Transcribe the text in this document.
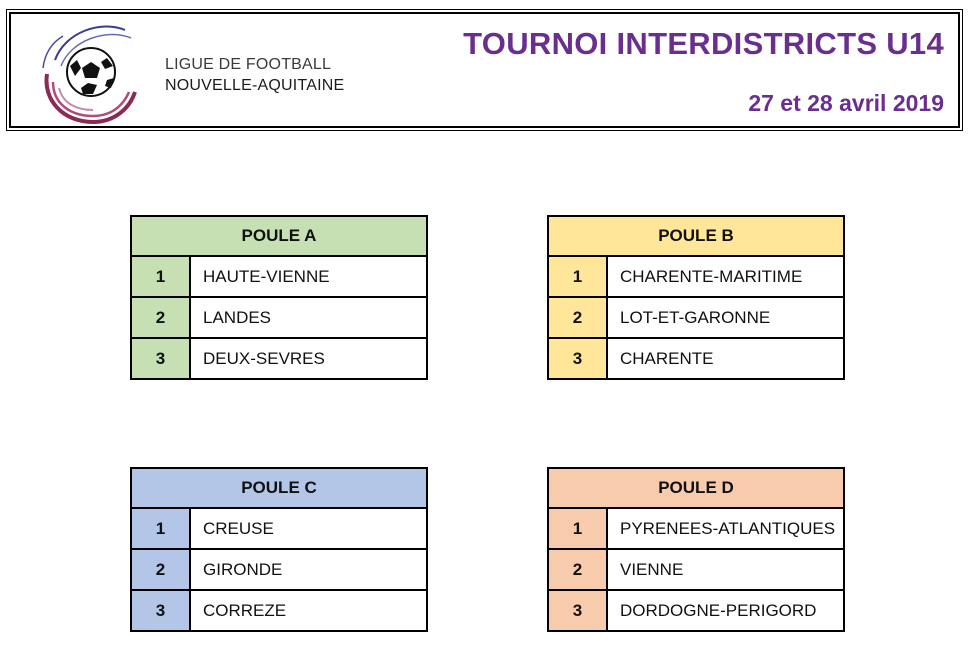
LIGUE DE FOOTBALL
NOUVELLE-AQUITAINE
TOURNOI INTERDISTRICTS U14
27 et 28 avril 2019
POULE A	
1	HAUTE-VIENNE
2	LANDES
3	DEUX-SEVRES
POULE B	
1	CHARENTE-MARITIME
2	LOT-ET-GARONNE
3	CHARENTE
POULE C	
1	CREUSE
2	GIRONDE
3	CORREZE
POULE D	
1	PYRENEES-ATLANTIQUES
2	VIENNE
3	DORDOGNE-PERIGORD
